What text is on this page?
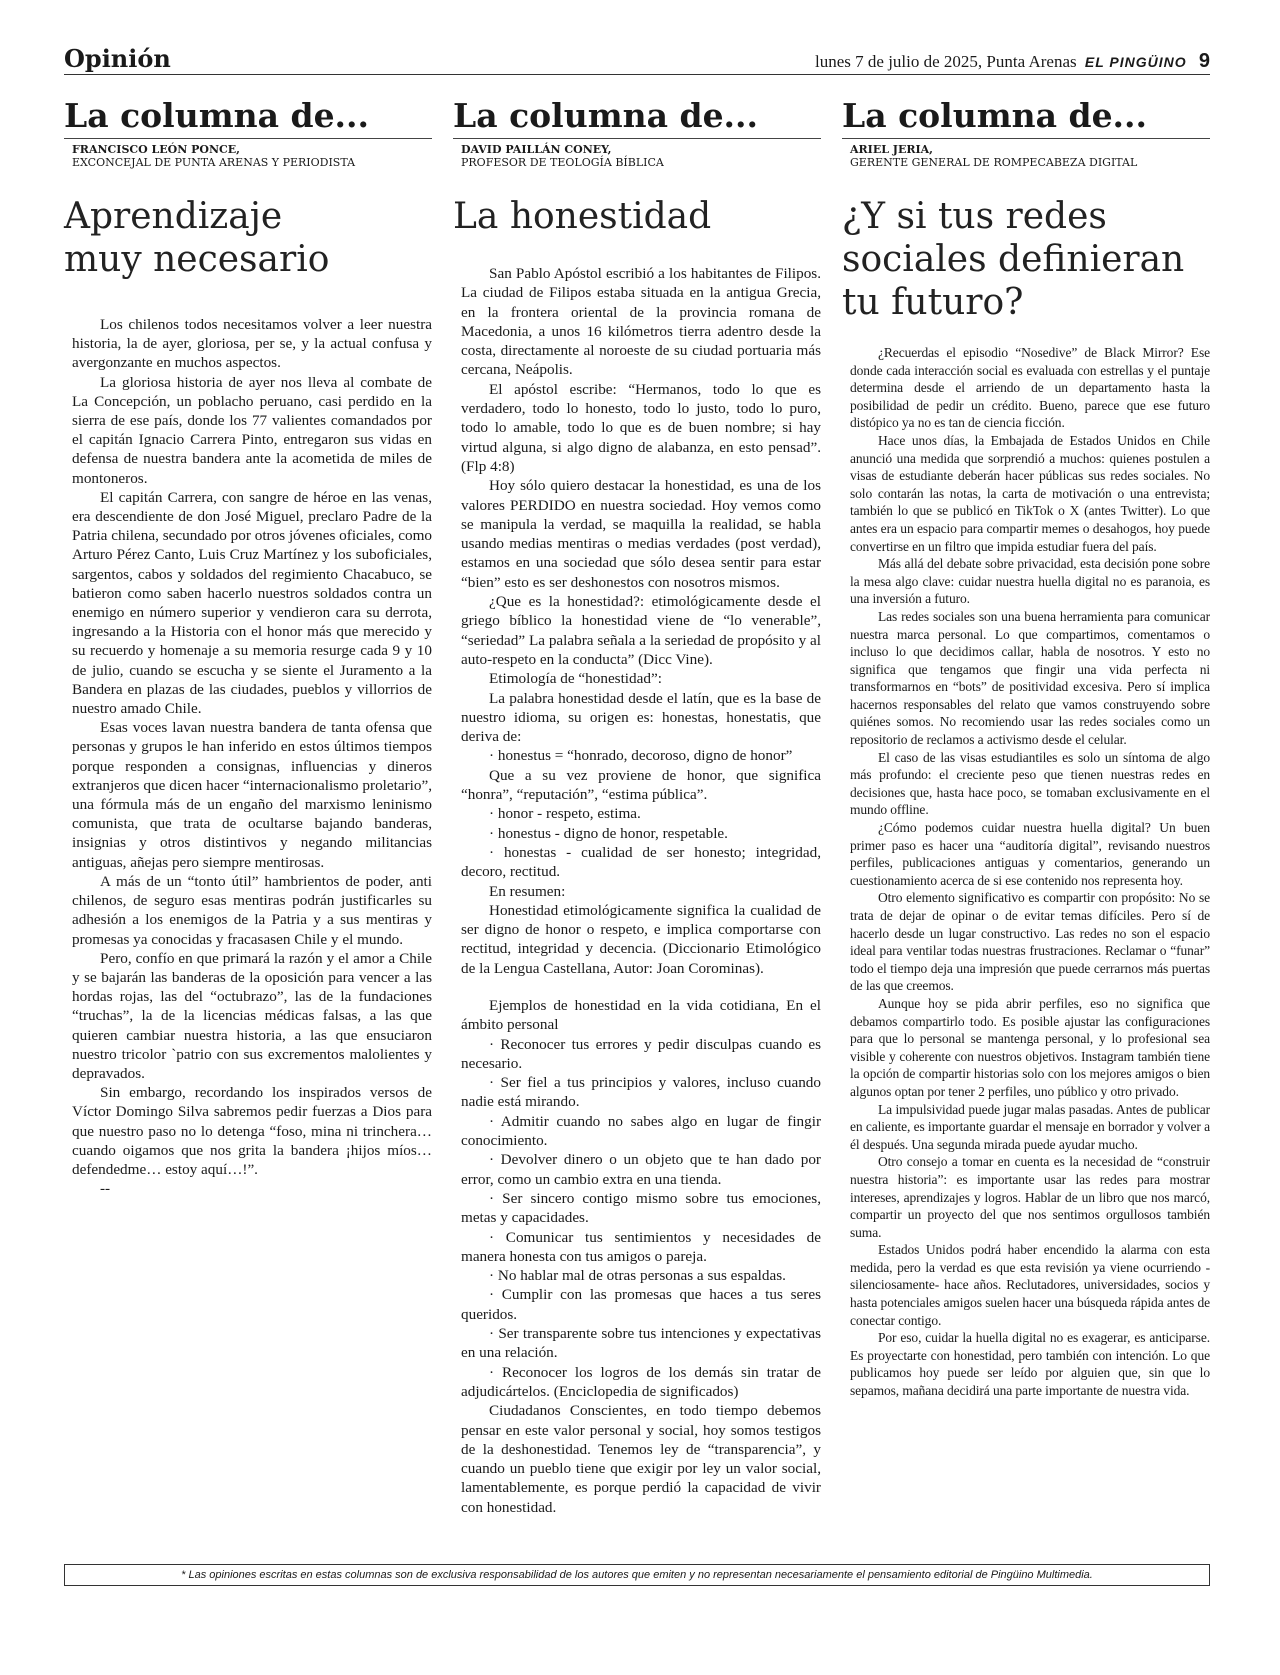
Opinión	lunes 7 de julio de 2025, Punta Arenas EL PINGÜINO 9
La columna de...
FRANCISCO LEÓN PONCE,
EXCONCEJAL DE PUNTA ARENAS Y PERIODISTA
Aprendizaje muy necesario

Los chilenos todos necesitamos volver a leer nuestra historia, la de ayer, gloriosa, per se, y la actual confusa y avergonzante en muchos aspectos.

La gloriosa historia de ayer nos lleva al combate de La Concepción, un poblacho peruano, casi perdido en la sierra de ese país, donde los 77 valientes comandados por el capitán Ignacio Carrera Pinto, entregaron sus vidas en defensa de nuestra bandera ante la acometida de miles de montoneros.

El capitán Carrera, con sangre de héroe en las venas, era descendiente de don José Miguel, preclaro Padre de la Patria chilena, secundado por otros jóvenes oficiales, como Arturo Pérez Canto, Luis Cruz Martínez y los suboficiales, sargentos, cabos y soldados del regimiento Chacabuco, se batieron como saben hacerlo nuestros soldados contra un enemigo en número superior y vendieron cara su derrota, ingresando a la Historia con el honor más que merecido y su recuerdo y homenaje a su memoria resurge cada 9 y 10 de julio, cuando se escucha y se siente el Juramento a la Bandera en plazas de las ciudades, pueblos y villorrios de nuestro amado Chile.

Esas voces lavan nuestra bandera de tanta ofensa que personas y grupos le han inferido en estos últimos tiempos porque responden a consignas, influencias y dineros extranjeros que dicen hacer “internacionalismo proletario”, una fórmula más de un engaño del marxismo leninismo comunista, que trata de ocultarse bajando banderas, insignias y otros distintivos y negando militancias antiguas, añejas pero siempre mentirosas.

A más de un “tonto útil” hambrientos de poder, anti chilenos, de seguro esas mentiras podrán justificarles su adhesión a los enemigos de la Patria y a sus mentiras y promesas ya conocidas y fracasasen Chile y el mundo.

Pero, confío en que primará la razón y el amor a Chile y se bajarán las banderas de la oposición para vencer a las hordas rojas, las del “octubrazo”, las de la fundaciones “truchas”, la de la licencias médicas falsas, a las que quieren cambiar nuestra historia, a las que ensuciaron nuestro tricolor `patrio con sus excrementos malolientes y depravados.

Sin embargo, recordando los inspirados versos de Víctor Domingo Silva sabremos pedir fuerzas a Dios para que nuestro paso no lo detenga “foso, mina ni trinchera…cuando oigamos que nos grita la bandera ¡hijos míos…defendedme… estoy aquí…!”.

--

La columna de...
DAVID PAILLÁN CONEY,
PROFESOR DE TEOLOGÍA BÍBLICA
La honestidad

San Pablo Apóstol escribió a los habitantes de Filipos. La ciudad de Filipos estaba situada en la antigua Grecia, en la frontera oriental de la provincia romana de Macedonia, a unos 16 kilómetros tierra adentro desde la costa, directamente al noroeste de su ciudad portuaria más cercana, Neápolis.

El apóstol escribe: “Hermanos, todo lo que es verdadero, todo lo honesto, todo lo justo, todo lo puro, todo lo amable, todo lo que es de buen nombre; si hay virtud alguna, si algo digno de alabanza, en esto pensad”.(Flp 4:8)

Hoy sólo quiero destacar la honestidad, es una de los valores PERDIDO en nuestra sociedad. Hoy vemos como se manipula la verdad, se maquilla la realidad, se habla usando medias mentiras o medias verdades (post verdad), estamos en una sociedad que sólo desea sentir para estar “bien” esto es ser deshonestos con nosotros mismos.

¿Que es la honestidad?: etimológicamente desde el griego bíblico la honestidad viene de “lo venerable”, “seriedad” La palabra señala a la seriedad de propósito y al auto-respeto en la conducta” (Dicc Vine).

Etimología de “honestidad”:

La palabra honestidad desde el latín, que es la base de nuestro idioma, su origen es: honestas, honestatis, que deriva de:

· honestus = “honrado, decoroso, digno de honor”

Que a su vez proviene de honor, que significa “honra”, “reputación”, “estima pública”.

· honor - respeto, estima.

· honestus - digno de honor, respetable.

· honestas - cualidad de ser honesto; integridad, decoro, rectitud.

En resumen:

Honestidad etimológicamente significa la cualidad de ser digno de honor o respeto, e implica comportarse con rectitud, integridad y decencia. (Diccionario Etimológico de la Lengua Castellana, Autor: Joan Corominas).

Ejemplos de honestidad en la vida cotidiana, En el ámbito personal

· Reconocer tus errores y pedir disculpas cuando es necesario.

· Ser fiel a tus principios y valores, incluso cuando nadie está mirando.

· Admitir cuando no sabes algo en lugar de fingir conocimiento.

· Devolver dinero o un objeto que te han dado por error, como un cambio extra en una tienda.

· Ser sincero contigo mismo sobre tus emociones, metas y capacidades.

· Comunicar tus sentimientos y necesidades de manera honesta con tus amigos o pareja.

· No hablar mal de otras personas a sus espaldas.

· Cumplir con las promesas que haces a tus seres queridos.

· Ser transparente sobre tus intenciones y expectativas en una relación.

· Reconocer los logros de los demás sin tratar de adjudicártelos. (Enciclopedia de significados)

Ciudadanos Conscientes, en todo tiempo debemos pensar en este valor personal y social, hoy somos testigos de la deshonestidad. Tenemos ley de “transparencia”, y cuando un pueblo tiene que exigir por ley un valor social, lamentablemente, es porque perdió la capacidad de vivir con honestidad.

La columna de...
ARIEL JERIA,
GERENTE GENERAL DE ROMPECABEZA DIGITAL
¿Y si tus redes sociales definieran tu futuro?

¿Recuerdas el episodio “Nosedive” de Black Mirror? Ese donde cada interacción social es evaluada con estrellas y el puntaje determina desde el arriendo de un departamento hasta la posibilidad de pedir un crédito. Bueno, parece que ese futuro distópico ya no es tan de ciencia ficción.

Hace unos días, la Embajada de Estados Unidos en Chile anunció una medida que sorprendió a muchos: quienes postulen a visas de estudiante deberán hacer públicas sus redes sociales. No solo contarán las notas, la carta de motivación o una entrevista; también lo que se publicó en TikTok o X (antes Twitter). Lo que antes era un espacio para compartir memes o desahogos, hoy puede convertirse en un filtro que impida estudiar fuera del país.

Más allá del debate sobre privacidad, esta decisión pone sobre la mesa algo clave: cuidar nuestra huella digital no es paranoia, es una inversión a futuro.

Las redes sociales son una buena herramienta para comunicar nuestra marca personal. Lo que compartimos, comentamos o incluso lo que decidimos callar, habla de nosotros. Y esto no significa que tengamos que fingir una vida perfecta ni transformarnos en “bots” de positividad excesiva. Pero sí implica hacernos responsables del relato que vamos construyendo sobre quiénes somos. No recomiendo usar las redes sociales como un repositorio de reclamos a activismo desde el celular.

El caso de las visas estudiantiles es solo un síntoma de algo más profundo: el creciente peso que tienen nuestras redes en decisiones que, hasta hace poco, se tomaban exclusivamente en el mundo offline.

¿Cómo podemos cuidar nuestra huella digital? Un buen primer paso es hacer una “auditoría digital”, revisando nuestros perfiles, publicaciones antiguas y comentarios, generando un cuestionamiento acerca de si ese contenido nos representa hoy.

Otro elemento significativo es compartir con propósito: No se trata de dejar de opinar o de evitar temas difíciles. Pero sí de hacerlo desde un lugar constructivo. Las redes no son el espacio ideal para ventilar todas nuestras frustraciones. Reclamar o “funar” todo el tiempo deja una impresión que puede cerrarnos más puertas de las que creemos.

Aunque hoy se pida abrir perfiles, eso no significa que debamos compartirlo todo. Es posible ajustar las configuraciones para que lo personal se mantenga personal, y lo profesional sea visible y coherente con nuestros objetivos. Instagram también tiene la opción de compartir historias solo con los mejores amigos o bien algunos optan por tener 2 perfiles, uno público y otro privado.

La impulsividad puede jugar malas pasadas. Antes de publicar en caliente, es importante guardar el mensaje en borrador y volver a él después. Una segunda mirada puede ayudar mucho.

Otro consejo a tomar en cuenta es la necesidad de “construir nuestra historia”: es importante usar las redes para mostrar intereses, aprendizajes y logros. Hablar de un libro que nos marcó, compartir un proyecto del que nos sentimos orgullosos también suma.

Estados Unidos podrá haber encendido la alarma con esta medida, pero la verdad es que esta revisión ya viene ocurriendo -silenciosamente- hace años. Reclutadores, universidades, socios y hasta potenciales amigos suelen hacer una búsqueda rápida antes de conectar contigo.

Por eso, cuidar la huella digital no es exagerar, es anticiparse. Es proyectarte con honestidad, pero también con intención. Lo que publicamos hoy puede ser leído por alguien que, sin que lo sepamos, mañana decidirá una parte importante de nuestra vida.

* Las opiniones escritas en estas columnas son de exclusiva responsabilidad de los autores que emiten y no representan necesariamente el pensamiento editorial de Pingüino Multimedia.
